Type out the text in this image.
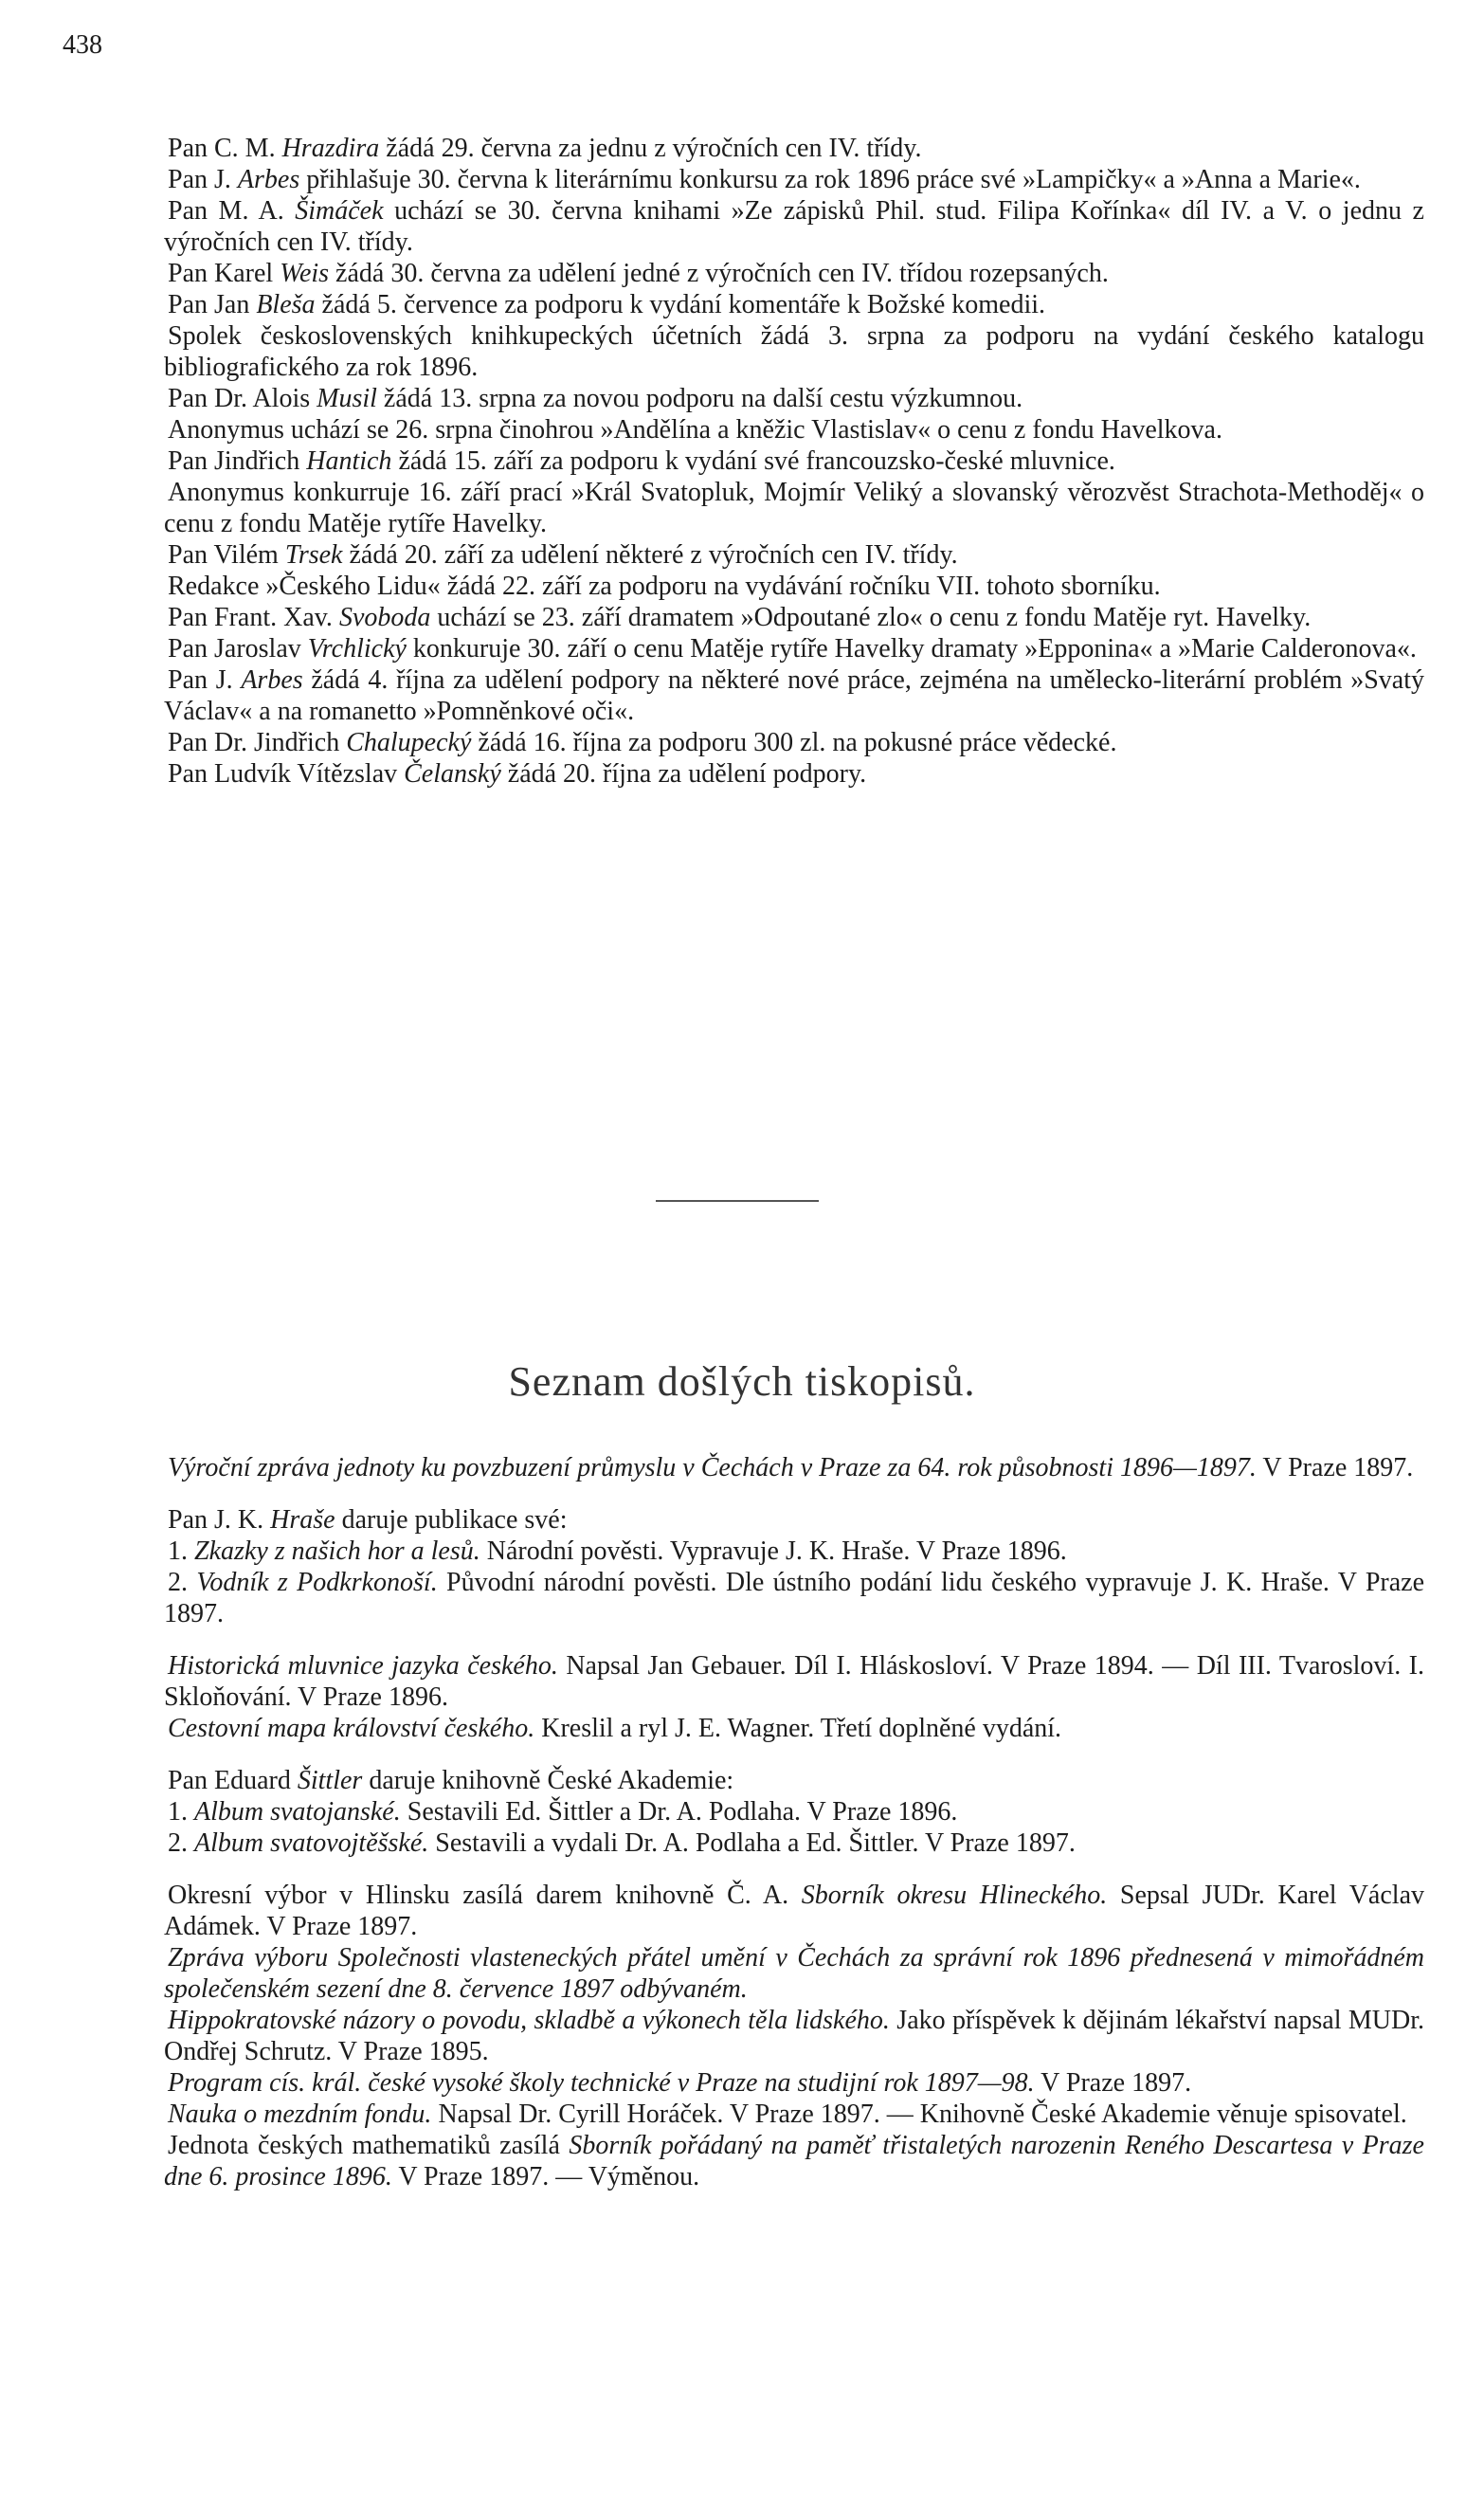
438

Pan C. M. Hrazdira žádá 29. června za jednu z výročních cen IV. třídy.

Pan J. Arbes přihlašuje 30. června k literárnímu konkursu za rok 1896 práce své »Lampičky« a »Anna a Marie«.

Pan M. A. Šimáček uchází se 30. června knihami »Ze zápisků Phil. stud. Filipa Kořínka« díl IV. a V. o jednu z výročních cen IV. třídy.

Pan Karel Weis žádá 30. června za udělení jedné z výročních cen IV. třídou rozepsaných.

Pan Jan Bleša žádá 5. července za podporu k vydání komentáře k Božské komedii.

Spolek československých knihkupeckých účetních žádá 3. srpna za podporu na vydání českého katalogu bibliografického za rok 1896.

Pan Dr. Alois Musil žádá 13. srpna za novou podporu na další cestu výzkumnou.

Anonymus uchází se 26. srpna činohrou »Andělína a kněžic Vlastislav« o cenu z fondu Havelkova.

Pan Jindřich Hantich žádá 15. září za podporu k vydání své francouzsko-české mluvnice.

Anonymus konkurruje 16. září prací »Král Svatopluk, Mojmír Veliký a slovanský věrozvěst Strachota-Methoděj« o cenu z fondu Matěje rytíře Havelky.

Pan Vilém Trsek žádá 20. září za udělení některé z výročních cen IV. třídy.

Redakce »Českého Lidu« žádá 22. září za podporu na vydávání ročníku VII. tohoto sborníku.

Pan Frant. Xav. Svoboda uchází se 23. září dramatem »Odpoutané zlo« o cenu z fondu Matěje ryt. Havelky.

Pan Jaroslav Vrchlický konkuruje 30. září o cenu Matěje rytíře Havelky dramaty »Epponina« a »Marie Calderonova«.

Pan J. Arbes žádá 4. října za udělení podpory na některé nové práce, zejména na umělecko-literární problém »Svatý Václav« a na romanetto »Pomněnkové oči«.

Pan Dr. Jindřich Chalupecký žádá 16. října za podporu 300 zl. na pokusné práce vědecké.

Pan Ludvík Vítězslav Čelanský žádá 20. října za udělení podpory.

Seznam došlých tiskopisů.

Výroční zpráva jednoty ku povzbuzení průmyslu v Čechách v Praze za 64. rok působnosti 1896—1897. V Praze 1897.

Pan J. K. Hraše daruje publikace své:

1. Zkazky z našich hor a lesů. Národní pověsti. Vypravuje J. K. Hraše. V Praze 1896.

2. Vodník z Podkrkonoší. Původní národní pověsti. Dle ústního podání lidu českého vypravuje J. K. Hraše. V Praze 1897.

Historická mluvnice jazyka českého. Napsal Jan Gebauer. Díl I. Hláskosloví. V Praze 1894. — Díl III. Tvarosloví. I. Skloňování. V Praze 1896.

Cestovní mapa království českého. Kreslil a ryl J. E. Wagner. Třetí doplněné vydání.

Pan Eduard Šittler daruje knihovně České Akademie:

1. Album svatojanské. Sestavili Ed. Šittler a Dr. A. Podlaha. V Praze 1896.

2. Album svatovojtěšské. Sestavili a vydali Dr. A. Podlaha a Ed. Šittler. V Praze 1897.

Okresní výbor v Hlinsku zasílá darem knihovně Č. A. Sborník okresu Hlineckého. Sepsal JUDr. Karel Václav Adámek. V Praze 1897.

Zpráva výboru Společnosti vlasteneckých přátel umění v Čechách za správní rok 1896 přednesená v mimořádném společenském sezení dne 8. července 1897 odbývaném.

Hippokratovské názory o povodu, skladbě a výkonech těla lidského. Jako příspěvek k dějinám lékařství napsal MUDr. Ondřej Schrutz. V Praze 1895.

Program cís. král. české vysoké školy technické v Praze na studijní rok 1897—98. V Praze 1897.

Nauka o mezdním fondu. Napsal Dr. Cyrill Horáček. V Praze 1897. — Knihovně České Akademie věnuje spisovatel.

Jednota českých mathematiků zasílá Sborník pořádaný na paměť třistaletých narozenin Reného Descartesa v Praze dne 6. prosince 1896. V Praze 1897. — Výměnou.
